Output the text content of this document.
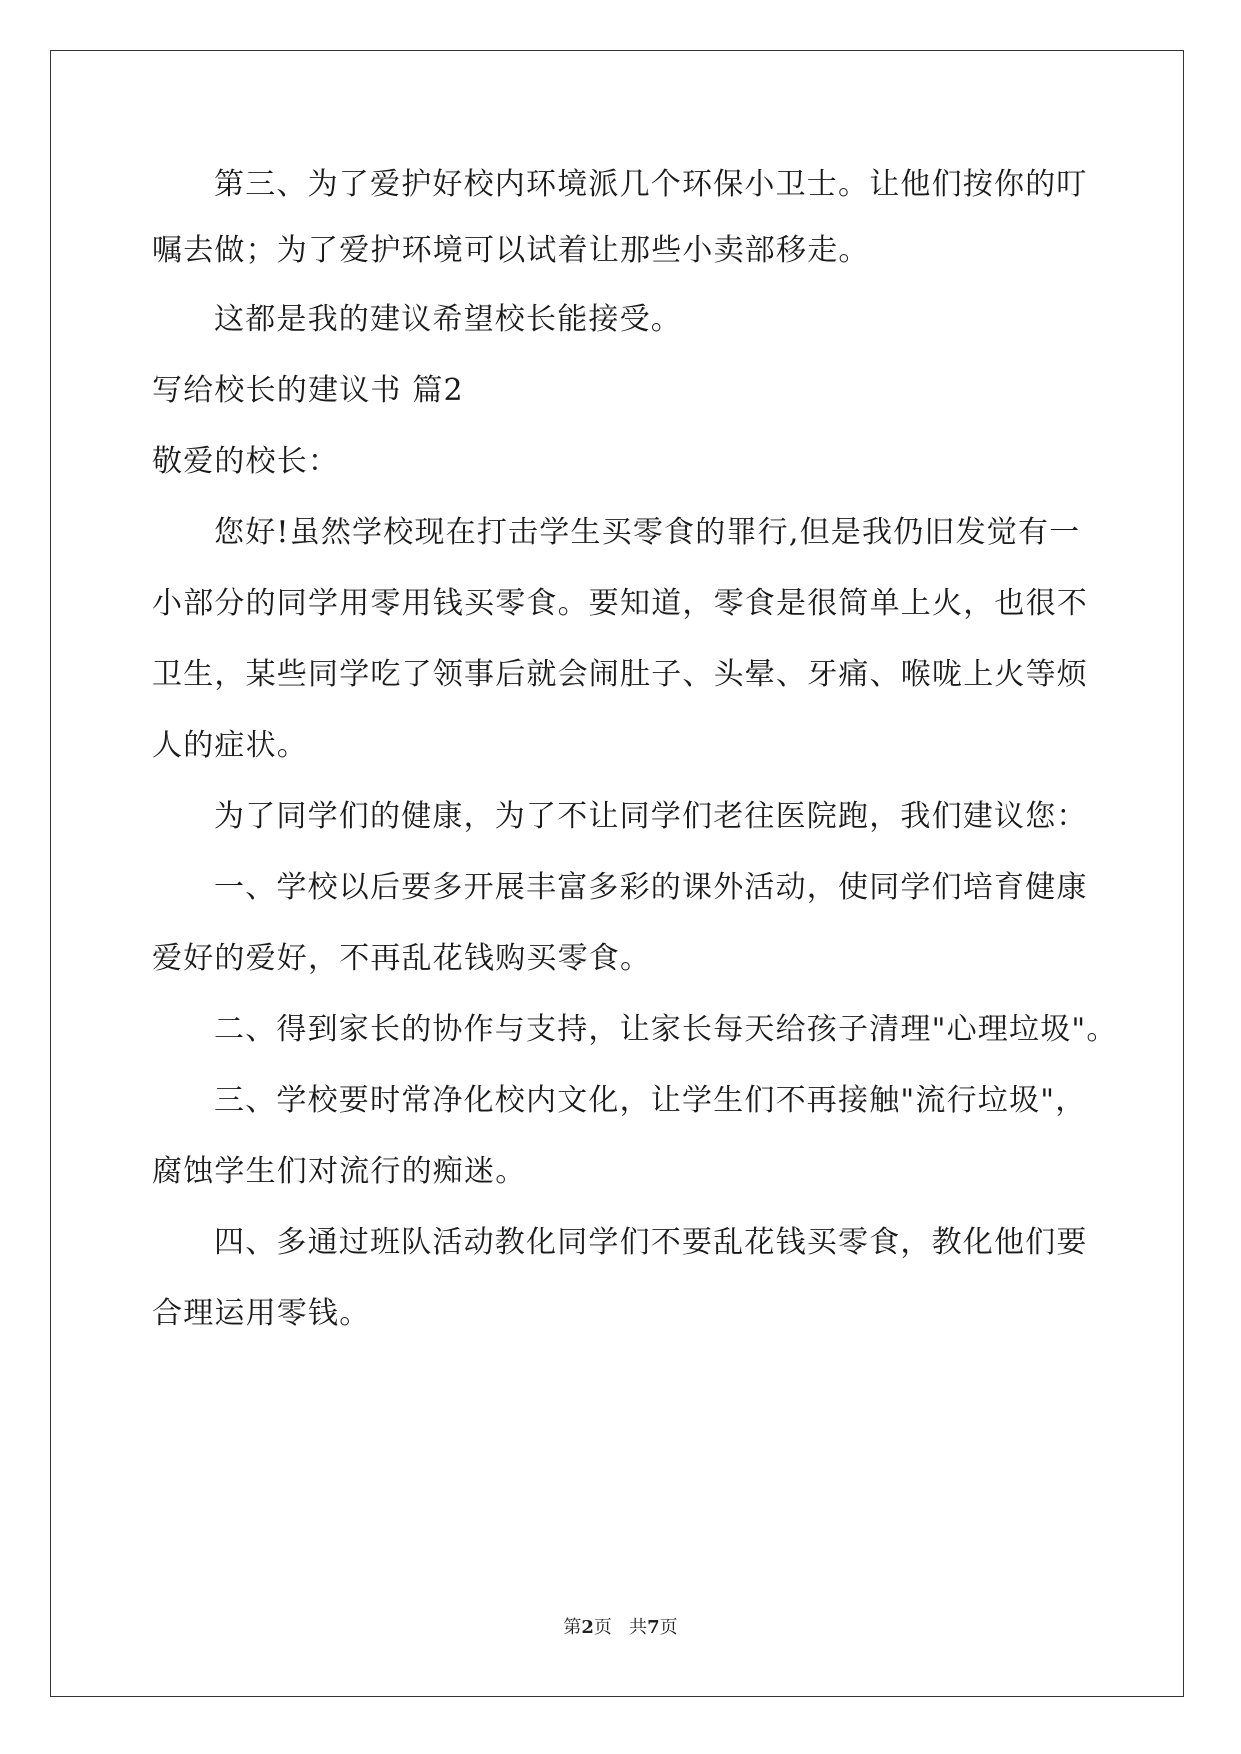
第三、为了爱护好校内环境派几个环保小卫士。让他们按你的叮
嘱去做；为了爱护环境可以试着让那些小卖部移走。
这都是我的建议希望校长能接受。
写给校长的建议书 篇2
敬爱的校长：
您好!虽然学校现在打击学生买零食的罪行,但是我仍旧发觉有一
小部分的同学用零用钱买零食。要知道，零食是很简单上火，也很不
卫生，某些同学吃了领事后就会闹肚子、头晕、牙痛、喉咙上火等烦
人的症状。
为了同学们的健康，为了不让同学们老往医院跑，我们建议您：
一、学校以后要多开展丰富多彩的课外活动，使同学们培育健康
爱好的爱好，不再乱花钱购买零食。
二、得到家长的协作与支持，让家长每天给孩子清理"心理垃圾"。
三、学校要时常净化校内文化，让学生们不再接触"流行垃圾"，
腐蚀学生们对流行的痴迷。
四、多通过班队活动教化同学们不要乱花钱买零食，教化他们要
合理运用零钱。
第2页 共7页
